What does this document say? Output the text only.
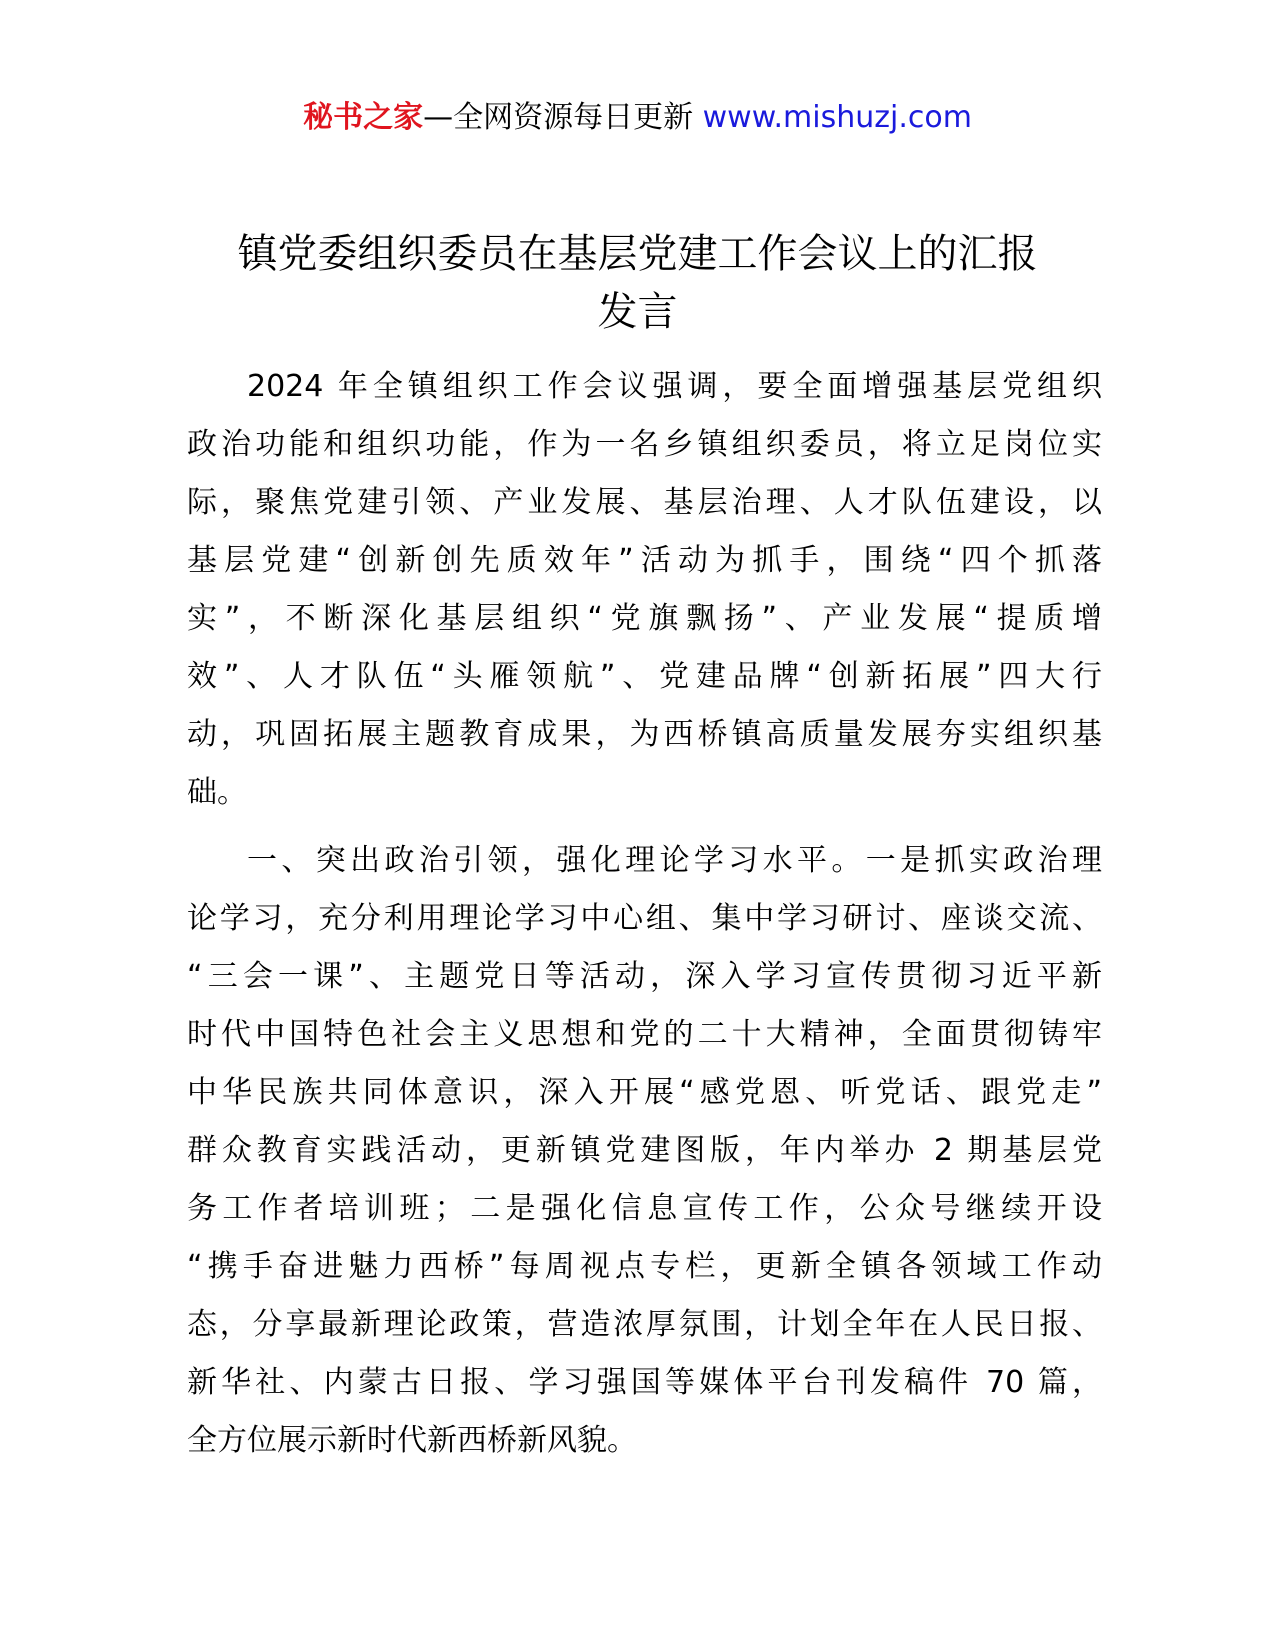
秘书之家—全网资源每日更新 www.mishuzj.com
镇党委组织委员在基层党建工作会议上的汇报
发言
2024 年全镇组织工作会议强调，要全面增强基层党组织
政治功能和组织功能，作为一名乡镇组织委员，将立足岗位实
际，聚焦党建引领、产业发展、基层治理、人才队伍建设，以
基层党建“创新创先质效年”活动为抓手，围绕“四个抓落
实”，不断深化基层组织“党旗飘扬”、产业发展“提质增
效”、人才队伍“头雁领航”、党建品牌“创新拓展”四大行
动，巩固拓展主题教育成果，为西桥镇高质量发展夯实组织基
础。
一、突出政治引领，强化理论学习水平。一是抓实政治理
论学习，充分利用理论学习中心组、集中学习研讨、座谈交流、
“三会一课”、主题党日等活动，深入学习宣传贯彻习近平新
时代中国特色社会主义思想和党的二十大精神，全面贯彻铸牢
中华民族共同体意识，深入开展“感党恩、听党话、跟党走”
群众教育实践活动，更新镇党建图版，年内举办 2 期基层党
务工作者培训班；二是强化信息宣传工作，公众号继续开设
“携手奋进魅力西桥”每周视点专栏，更新全镇各领域工作动
态，分享最新理论政策，营造浓厚氛围，计划全年在人民日报、
新华社、内蒙古日报、学习强国等媒体平台刊发稿件 70 篇，
全方位展示新时代新西桥新风貌。
